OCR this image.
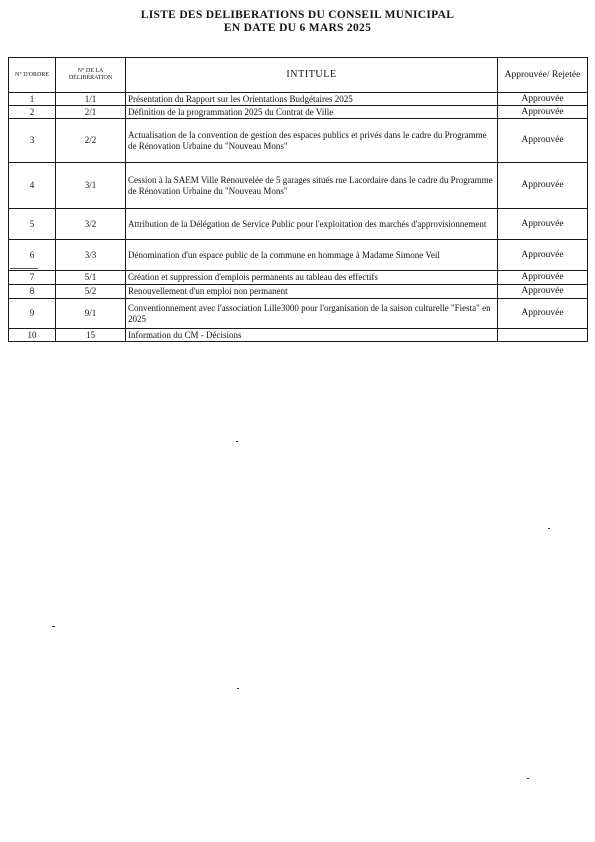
LISTE DES DELIBERATIONS DU CONSEIL MUNICIPAL
EN DATE DU 6 MARS 2025
N° D'ORDRE	N° DE LA DÉLIBÉRATION	INTITULE	Approuvée/ Rejetée
1	1/1	Présentation du Rapport sur les Orientations Budgétaires 2025	Approuvée
2	2/1	Définition de la programmation 2025 du Contrat de Ville	Approuvée
3	2/2	Actualisation de la convention de gestion des espaces publics et privés dans le cadre du Programme de Rénovation Urbaine du "Nouveau Mons"	Approuvée
4	3/1	Cession à la SAEM Ville Renouvelée de 5 garages situés rue Lacordaire dans le cadre du Programme de Rénovation Urbaine du "Nouveau Mons"	Approuvée
5	3/2	Attribution de la Délégation de Service Public pour l'exploitation des marchés d'approvisionnement	Approuvée
6	3/3	Dénomination d'un espace public de la commune en hommage à Madame Simone Veil	Approuvée
7	5/1	Création et suppression d'emplois permanents au tableau des effectifs	Approuvée
8	5/2	Renouvellement d'un emploi non permanent	Approuvée
9	9/1	Conventionnement avec l'association Lille3000 pour l'organisation de la saison culturelle "Fiesta" en 2025	Approuvée
10	15	Information du CM - Décisions	
